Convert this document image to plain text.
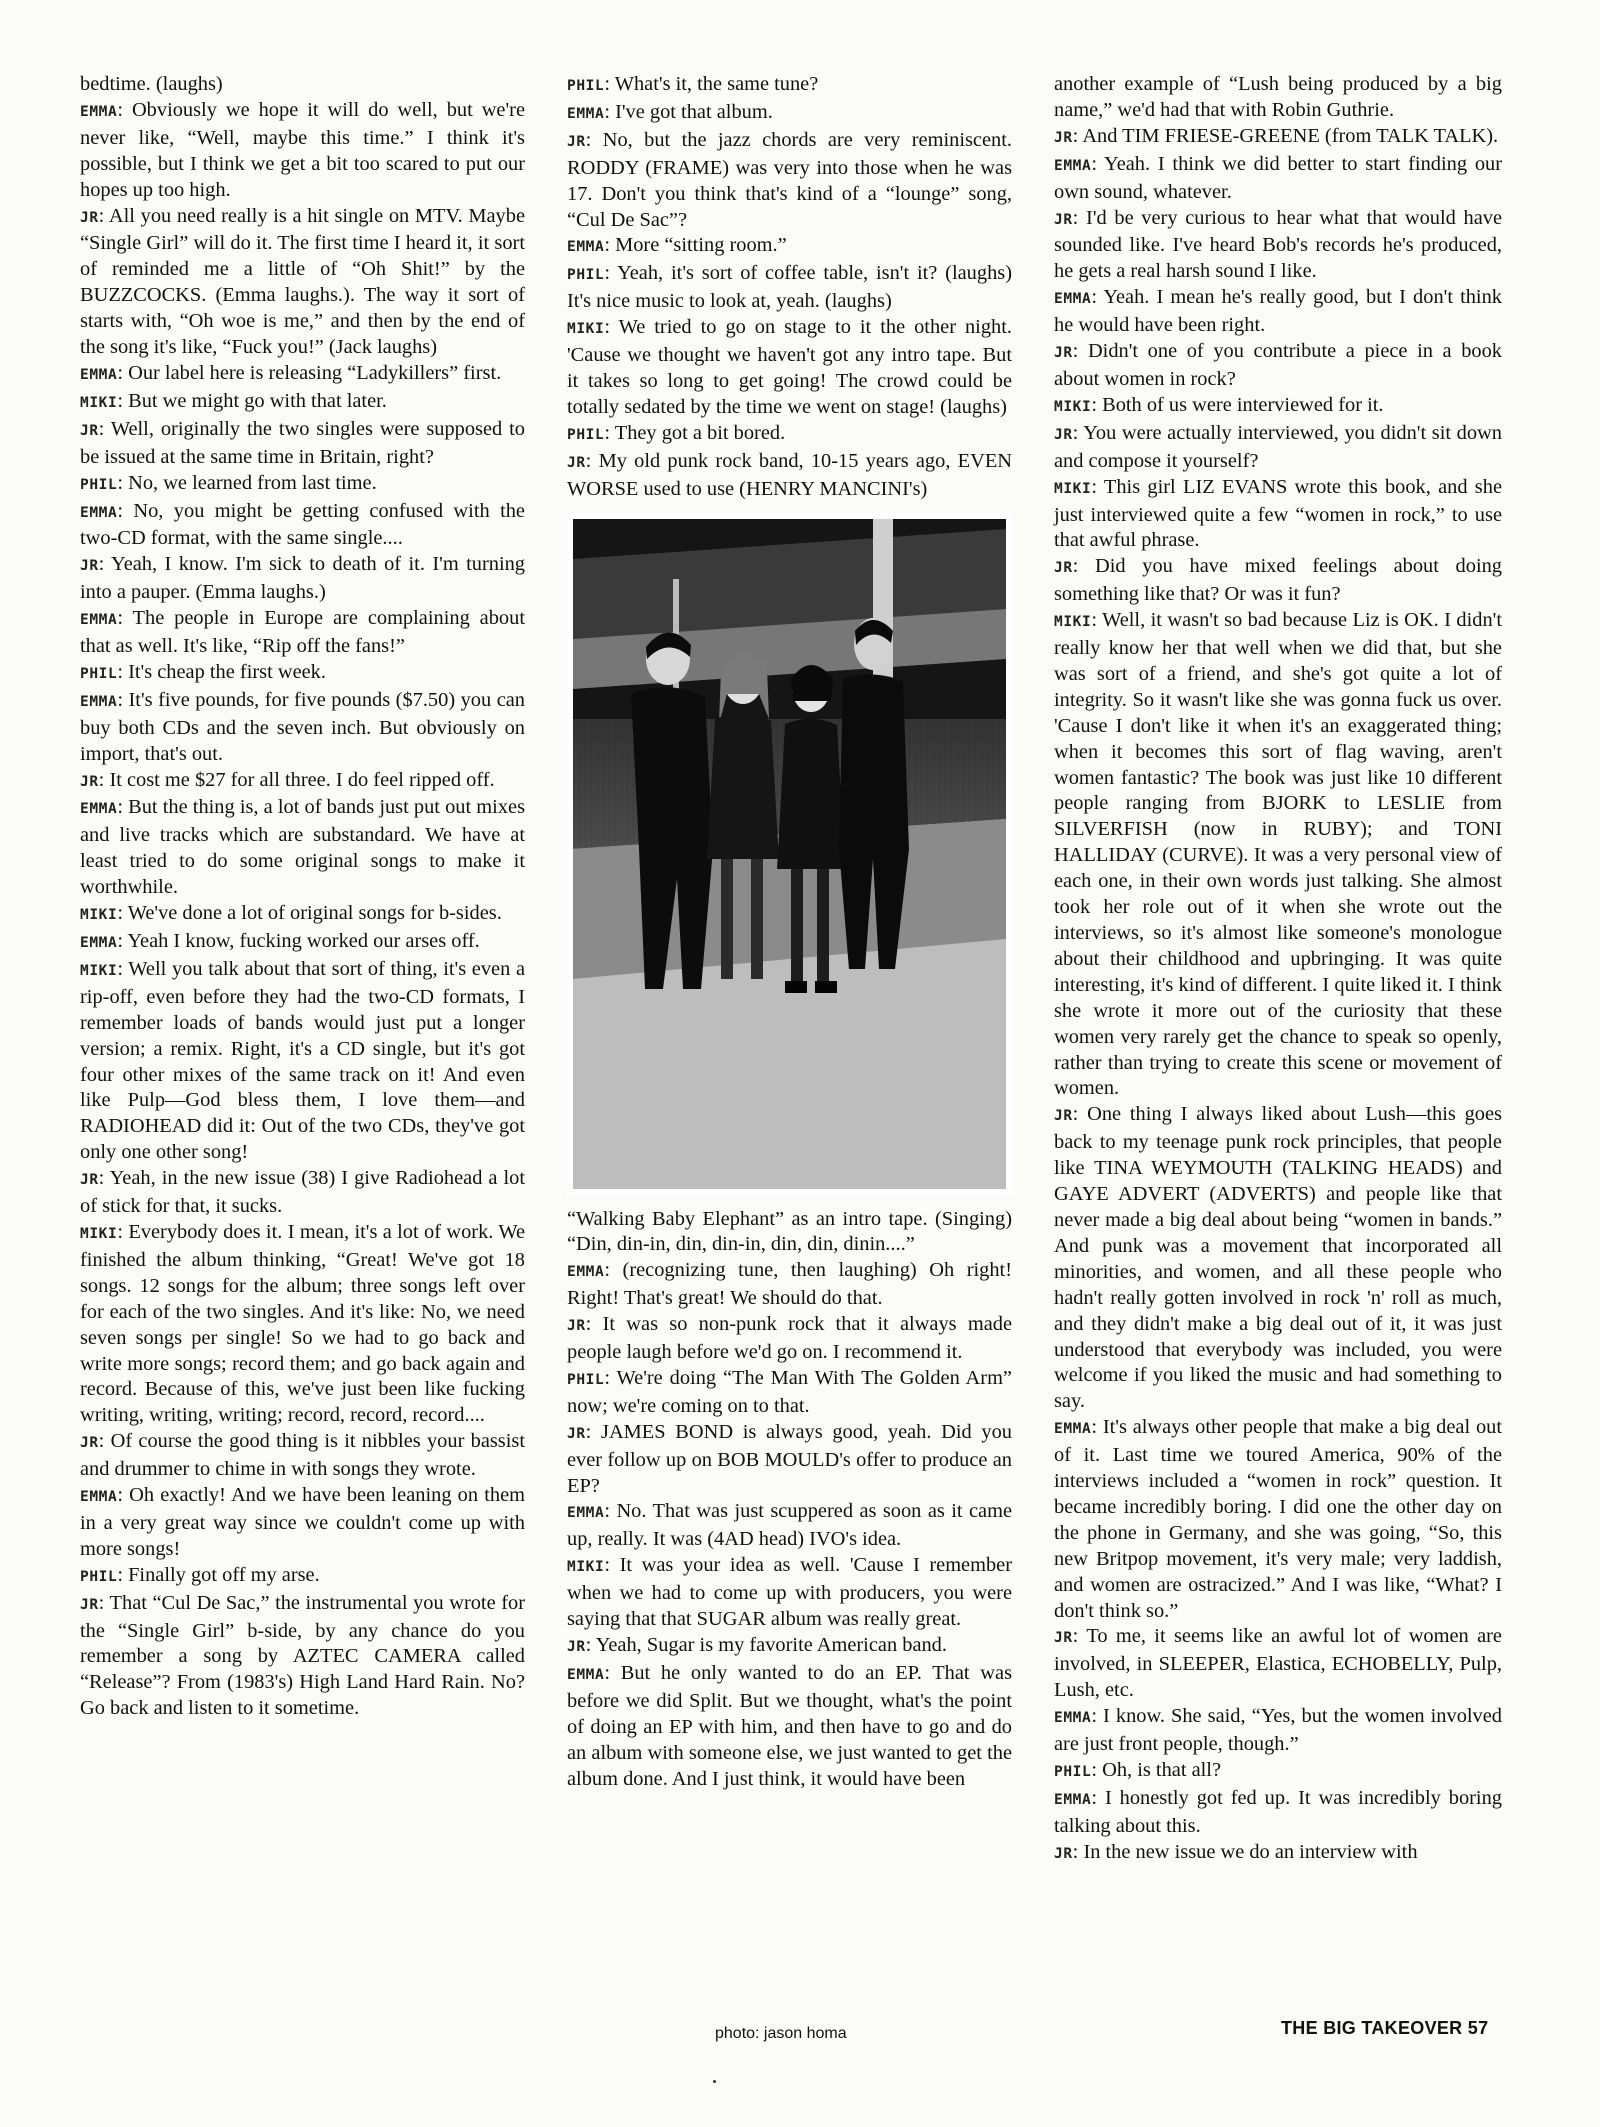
bedtime. (laughs)

EMMA: Obviously we hope it will do well, but we're never like, “Well, maybe this time.” I think it's possible, but I think we get a bit too scared to put our hopes up too high.

JR: All you need really is a hit single on MTV. Maybe “Single Girl” will do it. The first time I heard it, it sort of reminded me a little of “Oh Shit!” by the BUZZCOCKS. (Emma laughs.). The way it sort of starts with, “Oh woe is me,” and then by the end of the song it's like, “Fuck you!” (Jack laughs)

EMMA: Our label here is releasing “Ladykillers” first.

MIKI: But we might go with that later.

JR: Well, originally the two singles were supposed to be issued at the same time in Britain, right?

PHIL: No, we learned from last time.

EMMA: No, you might be getting confused with the two-CD format, with the same single....

JR: Yeah, I know. I'm sick to death of it. I'm turning into a pauper. (Emma laughs.)

EMMA: The people in Europe are complaining about that as well. It's like, “Rip off the fans!”

PHIL: It's cheap the first week.

EMMA: It's five pounds, for five pounds ($7.50) you can buy both CDs and the seven inch. But obviously on import, that's out.

JR: It cost me $27 for all three. I do feel ripped off.

EMMA: But the thing is, a lot of bands just put out mixes and live tracks which are substandard. We have at least tried to do some original songs to make it worthwhile.

MIKI: We've done a lot of original songs for b-sides.

EMMA: Yeah I know, fucking worked our arses off.

MIKI: Well you talk about that sort of thing, it's even a rip-off, even before they had the two-CD formats, I remember loads of bands would just put a longer version; a remix. Right, it's a CD single, but it's got four other mixes of the same track on it! And even like Pulp—God bless them, I love them—and RADIOHEAD did it: Out of the two CDs, they've got only one other song!

JR: Yeah, in the new issue (38) I give Radiohead a lot of stick for that, it sucks.

MIKI: Everybody does it. I mean, it's a lot of work. We finished the album thinking, “Great! We've got 18 songs. 12 songs for the album; three songs left over for each of the two singles. And it's like: No, we need seven songs per single! So we had to go back and write more songs; record them; and go back again and record. Because of this, we've just been like fucking writing, writing, writing; record, record, record....

JR: Of course the good thing is it nibbles your bassist and drummer to chime in with songs they wrote.

EMMA: Oh exactly! And we have been leaning on them in a very great way since we couldn't come up with more songs!

PHIL: Finally got off my arse.

JR: That “Cul De Sac,” the instrumental you wrote for the “Single Girl” b-side, by any chance do you remember a song by AZTEC CAMERA called “Release”? From (1983's) High Land Hard Rain. No? Go back and listen to it sometime.

PHIL: What's it, the same tune?

EMMA: I've got that album.

JR: No, but the jazz chords are very reminiscent. RODDY (FRAME) was very into those when he was 17. Don't you think that's kind of a “lounge” song, “Cul De Sac”?

EMMA: More “sitting room.”

PHIL: Yeah, it's sort of coffee table, isn't it? (laughs) It's nice music to look at, yeah. (laughs)

MIKI: We tried to go on stage to it the other night. 'Cause we thought we haven't got any intro tape. But it takes so long to get going! The crowd could be totally sedated by the time we went on stage! (laughs)

PHIL: They got a bit bored.

JR: My old punk rock band, 10-15 years ago, EVEN WORSE used to use (HENRY MANCINI's)

“Walking Baby Elephant” as an intro tape. (Singing) “Din, din-in, din, din-in, din, din, dinin....”

EMMA: (recognizing tune, then laughing) Oh right! Right! That's great! We should do that.

JR: It was so non-punk rock that it always made people laugh before we'd go on. I recommend it.

PHIL: We're doing “The Man With The Golden Arm” now; we're coming on to that.

JR: JAMES BOND is always good, yeah. Did you ever follow up on BOB MOULD's offer to produce an EP?

EMMA: No. That was just scuppered as soon as it came up, really. It was (4AD head) IVO's idea.

MIKI: It was your idea as well. 'Cause I remember when we had to come up with producers, you were saying that that SUGAR album was really great.

JR: Yeah, Sugar is my favorite American band.

EMMA: But he only wanted to do an EP. That was before we did Split. But we thought, what's the point of doing an EP with him, and then have to go and do an album with someone else, we just wanted to get the album done. And I just think, it would have been

another example of “Lush being produced by a big name,” we'd had that with Robin Guthrie.

JR: And TIM FRIESE-GREENE (from TALK TALK).

EMMA: Yeah. I think we did better to start finding our own sound, whatever.

JR: I'd be very curious to hear what that would have sounded like. I've heard Bob's records he's produced, he gets a real harsh sound I like.

EMMA: Yeah. I mean he's really good, but I don't think he would have been right.

JR: Didn't one of you contribute a piece in a book about women in rock?

MIKI: Both of us were interviewed for it.

JR: You were actually interviewed, you didn't sit down and compose it yourself?

MIKI: This girl LIZ EVANS wrote this book, and she just interviewed quite a few “women in rock,” to use that awful phrase.

JR: Did you have mixed feelings about doing something like that? Or was it fun?

MIKI: Well, it wasn't so bad because Liz is OK. I didn't really know her that well when we did that, but she was sort of a friend, and she's got quite a lot of integrity. So it wasn't like she was gonna fuck us over. 'Cause I don't like it when it's an exaggerated thing; when it becomes this sort of flag waving, aren't women fantastic? The book was just like 10 different people ranging from BJORK to LESLIE from SILVERFISH (now in RUBY); and TONI HALLIDAY (CURVE). It was a very personal view of each one, in their own words just talking. She almost took her role out of it when she wrote out the interviews, so it's almost like someone's monologue about their childhood and upbringing. It was quite interesting, it's kind of different. I quite liked it. I think she wrote it more out of the curiosity that these women very rarely get the chance to speak so openly, rather than trying to create this scene or movement of women.

JR: One thing I always liked about Lush—this goes back to my teenage punk rock principles, that people like TINA WEYMOUTH (TALKING HEADS) and GAYE ADVERT (ADVERTS) and people like that never made a big deal about being “women in bands.” And punk was a movement that incorporated all minorities, and women, and all these people who hadn't really gotten involved in rock 'n' roll as much, and they didn't make a big deal out of it, it was just understood that everybody was included, you were welcome if you liked the music and had something to say.

EMMA: It's always other people that make a big deal out of it. Last time we toured America, 90% of the interviews included a “women in rock” question. It became incredibly boring. I did one the other day on the phone in Germany, and she was going, “So, this new Britpop movement, it's very male; very laddish, and women are ostracized.” And I was like, “What? I don't think so.”

JR: To me, it seems like an awful lot of women are involved, in SLEEPER, Elastica, ECHOBELLY, Pulp, Lush, etc.

EMMA: I know. She said, “Yes, but the women involved are just front people, though.”

PHIL: Oh, is that all?

EMMA: I honestly got fed up. It was incredibly boring talking about this.

JR: In the new issue we do an interview with

photo: jason homa	THE BIG TAKEOVER 57
